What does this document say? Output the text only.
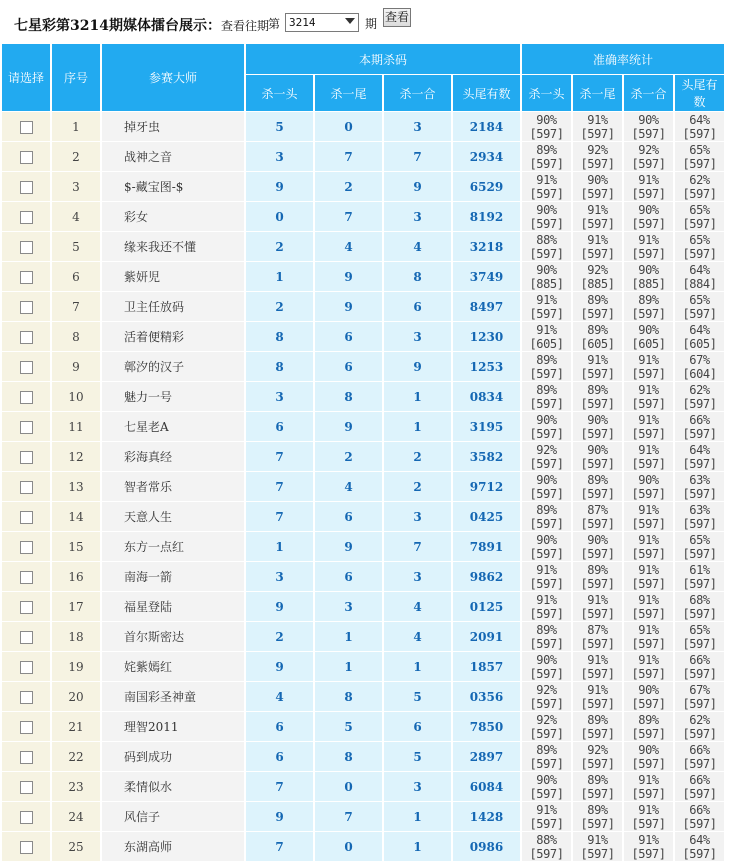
七星彩第3214期媒体擂台展示：查看往期 第 3214	期 查看
请选择	序号	参赛大师	本期杀码				准确率统计			
			杀一头	杀一尾	杀一合	头尾有数	杀一头	杀一尾	杀一合	头尾有数
	1	掉牙虫	5	0	3	2184	90%[597]	91%[597]	90%[597]	64%[597]
	2	战神之音	3	7	7	2934	89%[597]	92%[597]	92%[597]	65%[597]
	3	$-藏宝图-$	9	2	9	6529	91%[597]	90%[597]	91%[597]	62%[597]
	4	彩女	0	7	3	8192	90%[597]	91%[597]	90%[597]	65%[597]
	5	缘来我还不懂	2	4	4	3218	88%[597]	91%[597]	91%[597]	65%[597]
	6	紫妍児	1	9	8	3749	90%[885]	92%[885]	90%[885]	64%[884]
	7	卫主任放码	2	9	6	8497	91%[597]	89%[597]	89%[597]	65%[597]
	8	活着便精彩	8	6	3	1230	91%[605]	89%[605]	90%[605]	64%[605]
	9	鄣汐的汉子	8	6	9	1253	89%[597]	91%[597]	91%[597]	67%[604]
	10	魅力一号	3	8	1	0834	89%[597]	89%[597]	91%[597]	62%[597]
	11	七星老A	6	9	1	3195	90%[597]	90%[597]	91%[597]	66%[597]
	12	彩海真经	7	2	2	3582	92%[597]	90%[597]	91%[597]	64%[597]
	13	智者常乐	7	4	2	9712	90%[597]	89%[597]	90%[597]	63%[597]
	14	天意人生	7	6	3	0425	89%[597]	87%[597]	91%[597]	63%[597]
	15	东方一点红	1	9	7	7891	90%[597]	90%[597]	91%[597]	65%[597]
	16	南海一箭	3	6	3	9862	91%[597]	89%[597]	91%[597]	61%[597]
	17	福星登陆	9	3	4	0125	91%[597]	91%[597]	91%[597]	68%[597]
	18	首尔斯密达	2	1	4	2091	89%[597]	87%[597]	91%[597]	65%[597]
	19	姹紫嫣红	9	1	1	1857	90%[597]	91%[597]	91%[597]	66%[597]
	20	南国彩圣神童	4	8	5	0356	92%[597]	91%[597]	90%[597]	67%[597]
	21	理智2011	6	5	6	7850	92%[597]	89%[597]	89%[597]	62%[597]
	22	码到成功	6	8	5	2897	89%[597]	92%[597]	90%[597]	66%[597]
	23	柔情似水	7	0	3	6084	90%[597]	89%[597]	91%[597]	66%[597]
	24	风信子	9	7	1	1428	91%[597]	89%[597]	91%[597]	66%[597]
	25	东湖高师	7	0	1	0986	88%[597]	91%[597]	91%[597]	64%[597]
